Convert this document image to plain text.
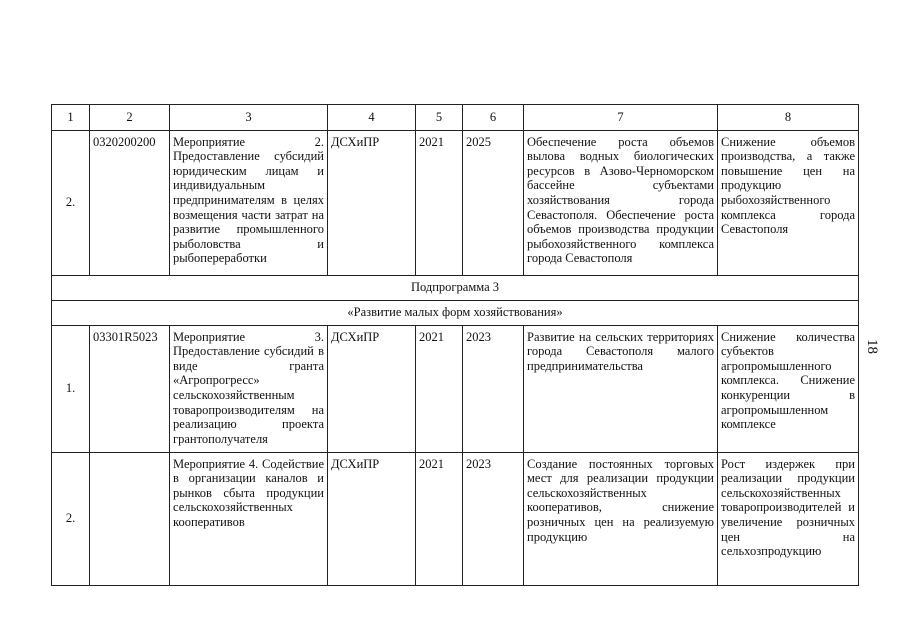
18
1	2	3	4	5	6	7	8
2.	0320200200	Мероприятие 2. Предоставление субсидий юридическим лицам и индивидуальным предпринимателям в целях возмещения части затрат на развитие промышленного рыболовства и рыбопереработки	ДСХиПР	2021	2025	Обеспечение роста объемов вылова водных биологических ресурсов в Азово-Черноморском бассейне субъектами хозяйствования города Севастополя. Обеспечение роста объемов производства продукции рыбохозяйственного комплекса города Севастополя	Снижение объемов производства, а также повышение цен на продукцию рыбохозяйственного комплекса города Севастополя
Подпрограмма 3							
«Развитие малых форм хозяйствования»							
1.	03301R5023	Мероприятие 3. Предоставление субсидий в виде гранта «Агропрогресс» сельскохозяйственным товаропроизводителям на реализацию проекта грантополучателя	ДСХиПР	2021	2023	Развитие на сельских территориях города Севастополя малого предпринимательства	Снижение количества субъектов агропромышленного комплекса. Снижение конкуренции в агропромышленном комплексе
2.		Мероприятие 4. Содействие в организации каналов и рынков сбыта продукции сельскохозяйственных кооперативов	ДСХиПР	2021	2023	Создание постоянных торговых мест для реализации продукции сельскохозяйственных кооперативов, снижение розничных цен на реализуемую продукцию	Рост издержек при реализации продукции сельскохозяйственных товаропроизводителей и увеличение розничных цен на сельхозпродукцию
